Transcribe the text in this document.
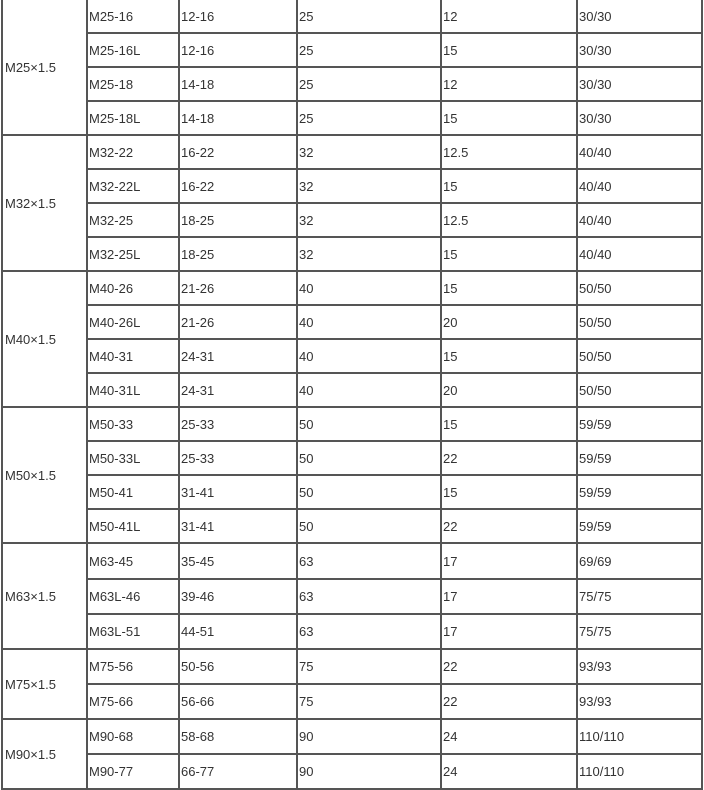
M25×1.5	M25-16	12-16	25	12	30/30
	M25-16L	12-16	25	15	30/30
	M25-18	14-18	25	12	30/30
	M25-18L	14-18	25	15	30/30
M32×1.5	M32-22	16-22	32	12.5	40/40
	M32-22L	16-22	32	15	40/40
	M32-25	18-25	32	12.5	40/40
	M32-25L	18-25	32	15	40/40
M40×1.5	M40-26	21-26	40	15	50/50
	M40-26L	21-26	40	20	50/50
	M40-31	24-31	40	15	50/50
	M40-31L	24-31	40	20	50/50
M50×1.5	M50-33	25-33	50	15	59/59
	M50-33L	25-33	50	22	59/59
	M50-41	31-41	50	15	59/59
	M50-41L	31-41	50	22	59/59
M63×1.5	M63-45	35-45	63	17	69/69
	M63L-46	39-46	63	17	75/75
	M63L-51	44-51	63	17	75/75
M75×1.5	M75-56	50-56	75	22	93/93
	M75-66	56-66	75	22	93/93
M90×1.5	M90-68	58-68	90	24	110/110
	M90-77	66-77	90	24	110/110
